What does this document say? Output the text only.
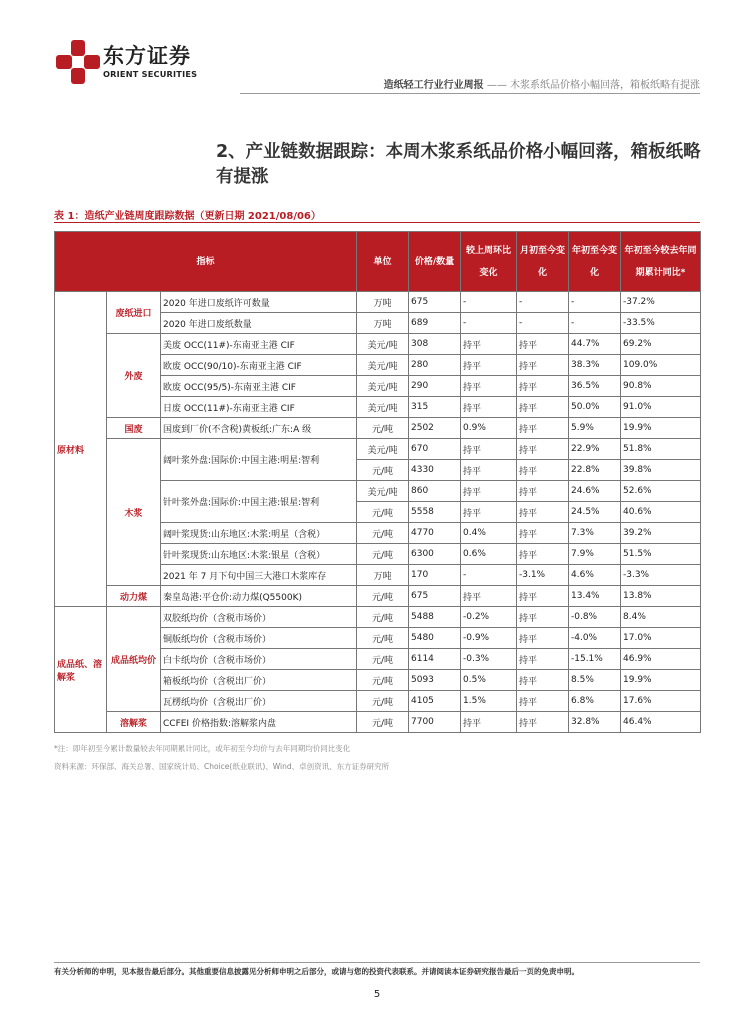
东方证券
ORIENT SECURITIES
造纸轻工行业行业周报 —— 木浆系纸品价格小幅回落，箱板纸略有提涨
2、产业链数据跟踪：本周木浆系纸品价格小幅回落，箱板纸略有提涨
表 1：造纸产业链周度跟踪数据（更新日期 2021/08/06）
指标			单位	价格/数量	较上周环比变化	月初至今变化	年初至今变化	年初至今较去年同期累计同比*
原材料	废纸进口	2020 年进口废纸许可数量	万吨	675	-	-	-	-37.2%
		2020 年进口废纸数量	万吨	689	-	-	-	-33.5%
	外废	美废 OCC(11#)-东南亚主港 CIF	美元/吨	308	持平	持平	44.7%	69.2%
		欧废 OCC(90/10)-东南亚主港 CIF	美元/吨	280	持平	持平	38.3%	109.0%
		欧废 OCC(95/5)-东南亚主港 CIF	美元/吨	290	持平	持平	36.5%	90.8%
		日废 OCC(11#)-东南亚主港 CIF	美元/吨	315	持平	持平	50.0%	91.0%
	国废	国废到厂价(不含税)黄板纸:广东:A 级	元/吨	2502	0.9%	持平	5.9%	19.9%
	木浆	阔叶浆外盘:国际价:中国主港:明星:智利	美元/吨	670	持平	持平	22.9%	51.8%
			元/吨	4330	持平	持平	22.8%	39.8%
		针叶浆外盘:国际价:中国主港:银星:智利	美元/吨	860	持平	持平	24.6%	52.6%
			元/吨	5558	持平	持平	24.5%	40.6%
		阔叶浆现货:山东地区:木浆:明星（含税）	元/吨	4770	0.4%	持平	7.3%	39.2%
		针叶浆现货:山东地区:木浆:银星（含税）	元/吨	6300	0.6%	持平	7.9%	51.5%
		2021 年 7 月下旬中国三大港口木浆库存	万吨	170	-	-3.1%	4.6%	-3.3%
	动力煤	秦皇岛港:平仓价:动力煤(Q5500K)	元/吨	675	持平	持平	13.4%	13.8%
成品纸、溶解浆	成品纸均价	双胶纸均价（含税市场价）	元/吨	5488	-0.2%	持平	-0.8%	8.4%
		铜版纸均价（含税市场价）	元/吨	5480	-0.9%	持平	-4.0%	17.0%
		白卡纸均价（含税市场价）	元/吨	6114	-0.3%	持平	-15.1%	46.9%
		箱板纸均价（含税出厂价）	元/吨	5093	0.5%	持平	8.5%	19.9%
		瓦楞纸均价（含税出厂价）	元/吨	4105	1.5%	持平	6.8%	17.6%
	溶解浆	CCFEI 价格指数:溶解浆内盘	元/吨	7700	持平	持平	32.8%	46.4%
*注：即年初至今累计数量较去年同期累计同比，或年初至今均价与去年同期均价同比变化
资料来源：环保部、海关总署、国家统计局、Choice(纸业联讯)、Wind、卓创资讯、东方证券研究所
有关分析师的申明，见本报告最后部分。其他重要信息披露见分析师申明之后部分，或请与您的投资代表联系。并请阅读本证券研究报告最后一页的免责申明。
5
